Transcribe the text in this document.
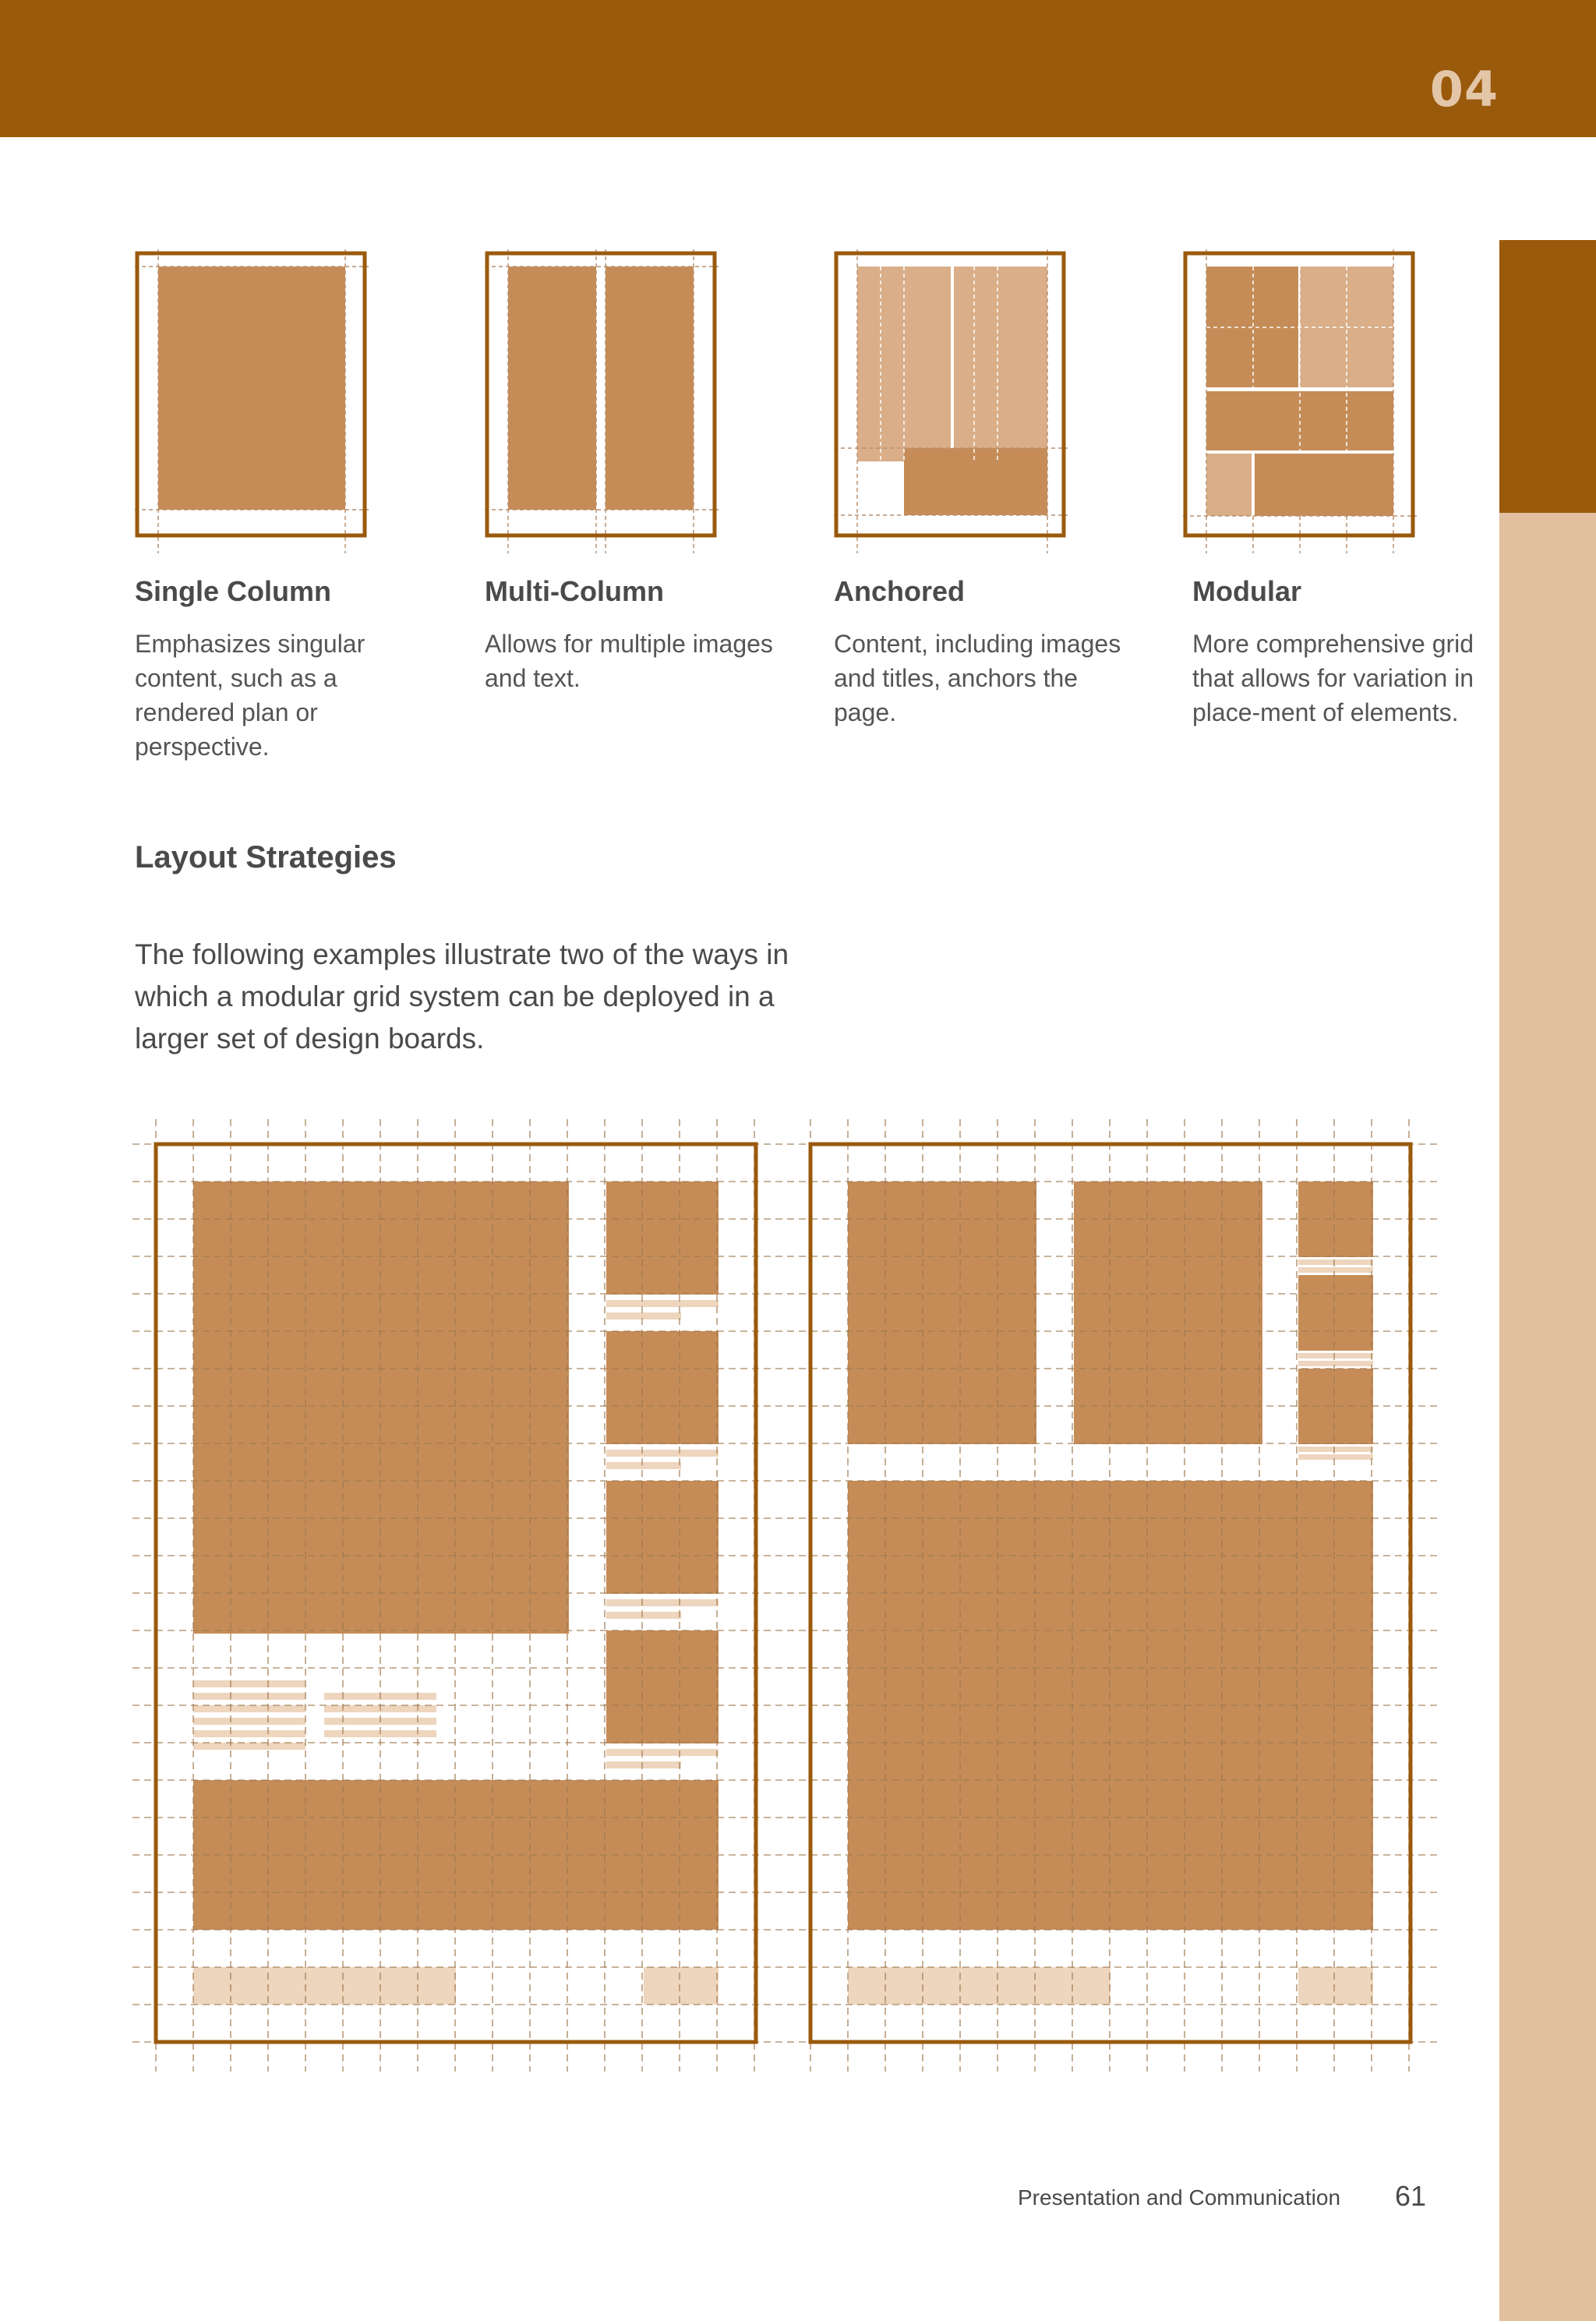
04
Single Column
Emphasizes singular content, such as a rendered plan or perspective.
Multi-Column
Allows for multiple images and text.
Anchored
Content, including images and titles, anchors the page.
Modular
More comprehensive grid that allows for variation in place-ment of elements.
Layout Strategies
The following examples illustrate two of the ways in which a modular grid system can be deployed in a larger set of design boards.
Presentation and Communication 61
